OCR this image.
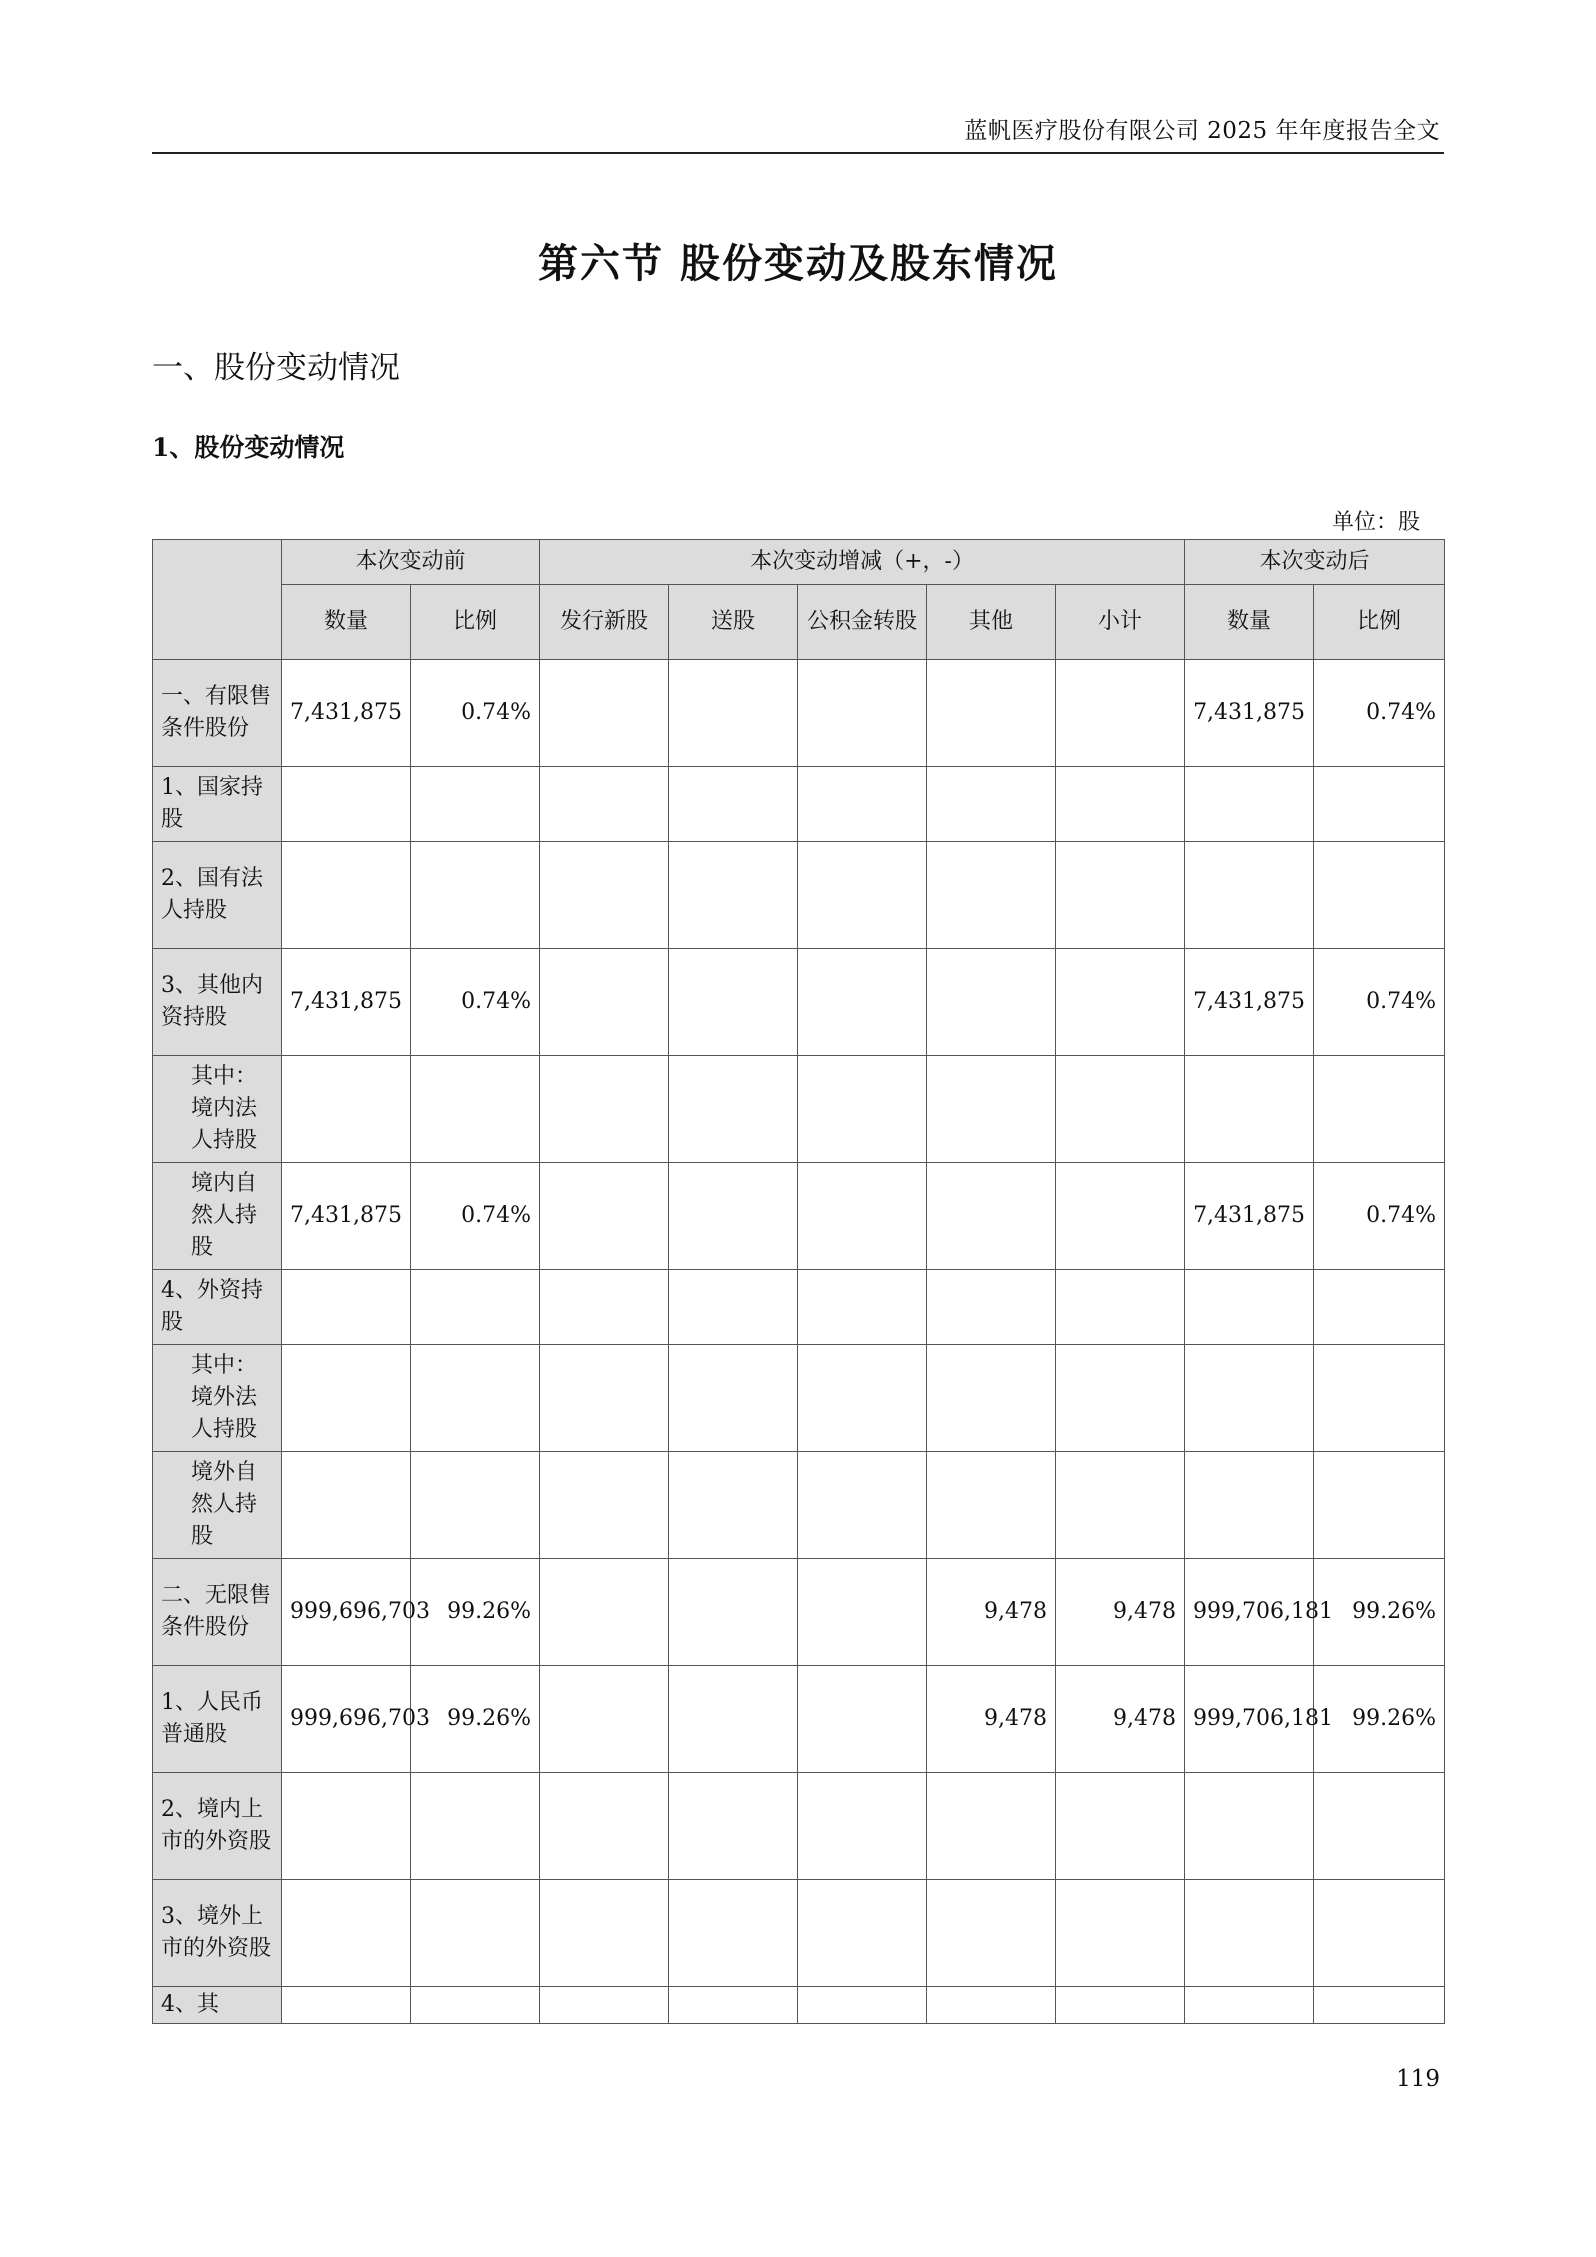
蓝帆医疗股份有限公司 2025 年年度报告全文
第六节 股份变动及股东情况
一、股份变动情况
1、股份变动情况
单位：股
	本次变动前		本次变动增减（+，-）					本次变动后	
	数量	比例	发行新股	送股	公积金转股	其他	小计	数量	比例
一、有限售条件股份	7,431,875	0.74%						7,431,875	0.74%
1、国家持股									
2、国有法人持股									
3、其他内资持股	7,431,875	0.74%						7,431,875	0.74%
其中：境内法人持股									
境内自然人持股	7,431,875	0.74%						7,431,875	0.74%
4、外资持股									
其中：境外法人持股									
境外自然人持股									
二、无限售条件股份	999,696,703	99.26%				9,478	9,478	999,706,181	99.26%
1、人民币普通股	999,696,703	99.26%				9,478	9,478	999,706,181	99.26%
2、境内上市的外资股									
3、境外上市的外资股									
4、其									
119
